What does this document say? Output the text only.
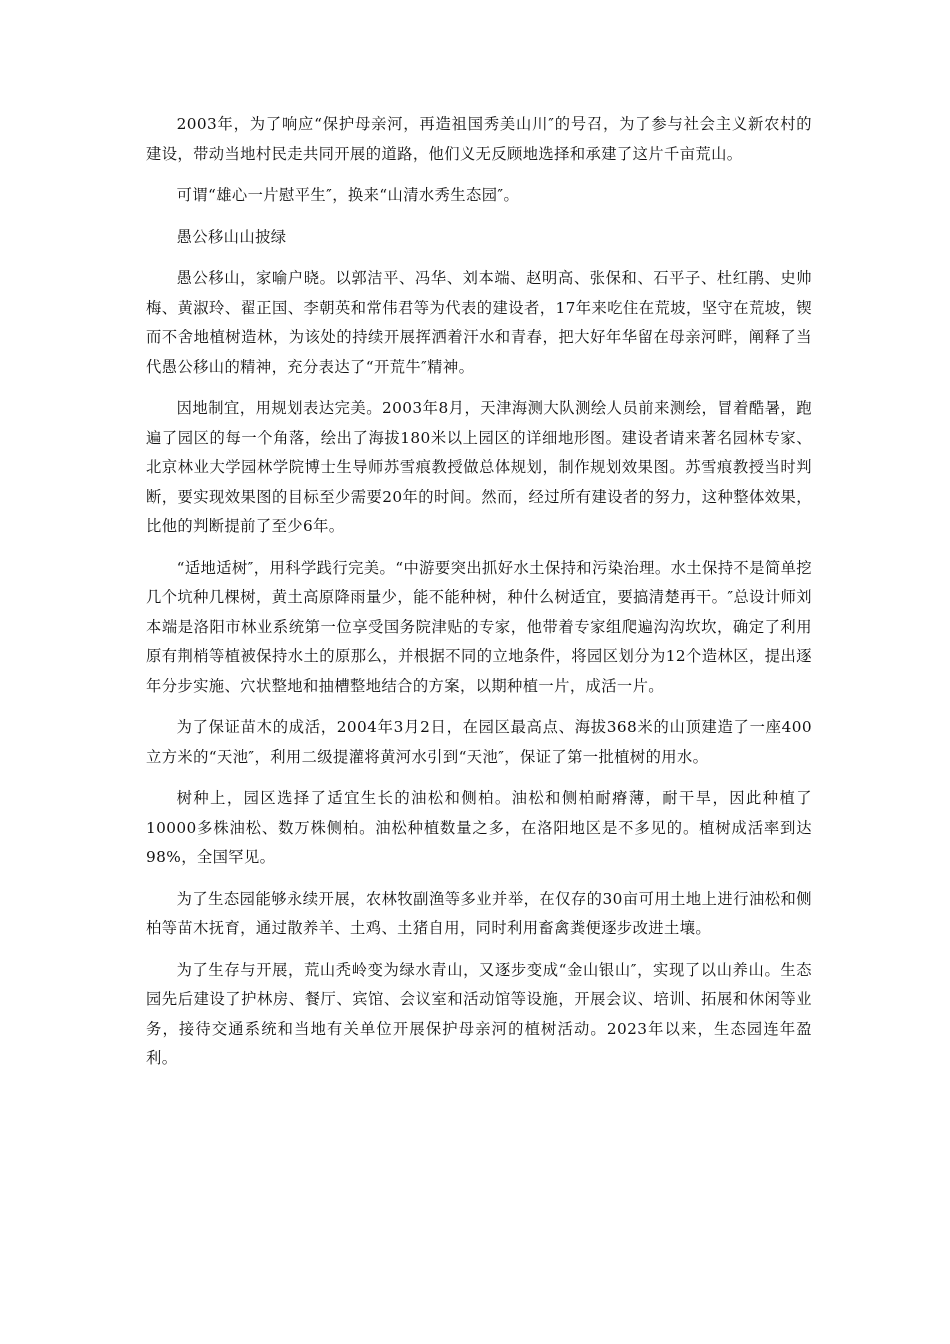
2003年，为了响应“保护母亲河，再造祖国秀美山川″的号召，为了参与社会主义新农村的建设，带动当地村民走共同开展的道路，他们义无反顾地选择和承建了这片千亩荒山。

可谓“雄心一片慰平生″，换来“山清水秀生态园″。

愚公移山山披绿

愚公移山，家喻户晓。以郭洁平、冯华、刘本端、赵明高、张保和、石平子、杜红鹃、史帅梅、黄淑玲、翟正国、李朝英和常伟君等为代表的建设者，17年来吃住在荒坡，坚守在荒坡，锲而不舍地植树造林，为该处的持续开展挥洒着汗水和青春，把大好年华留在母亲河畔，阐释了当代愚公移山的精神，充分表达了“开荒牛″精神。

因地制宜，用规划表达完美。2003年8月，天津海测大队测绘人员前来测绘，冒着酷暑，跑遍了园区的每一个角落，绘出了海拔180米以上园区的详细地形图。建设者请来著名园林专家、北京林业大学园林学院博士生导师苏雪痕教授做总体规划，制作规划效果图。苏雪痕教授当时判断，要实现效果图的目标至少需要20年的时间。然而，经过所有建设者的努力，这种整体效果，比他的判断提前了至少6年。

“适地适树″，用科学践行完美。“中游要突出抓好水土保持和污染治理。水土保持不是简单挖几个坑种几棵树，黄土高原降雨量少，能不能种树，种什么树适宜，要搞清楚再干。″总设计师刘本端是洛阳市林业系统第一位享受国务院津贴的专家，他带着专家组爬遍沟沟坎坎，确定了利用原有荆梢等植被保持水土的原那么，并根据不同的立地条件，将园区划分为12个造林区，提出逐年分步实施、穴状整地和抽槽整地结合的方案，以期种植一片，成活一片。

为了保证苗木的成活，2004年3月2日，在园区最高点、海拔368米的山顶建造了一座400立方米的“天池″，利用二级提灌将黄河水引到“天池″，保证了第一批植树的用水。

树种上，园区选择了适宜生长的油松和侧柏。油松和侧柏耐瘠薄，耐干旱，因此种植了10000多株油松、数万株侧柏。油松种植数量之多，在洛阳地区是不多见的。植树成活率到达98%，全国罕见。

为了生态园能够永续开展，农林牧副渔等多业并举，在仅存的30亩可用土地上进行油松和侧柏等苗木抚育，通过散养羊、土鸡、土猪自用，同时利用畜禽粪便逐步改进土壤。

为了生存与开展，荒山秃岭变为绿水青山，又逐步变成“金山银山″，实现了以山养山。生态园先后建设了护林房、餐厅、宾馆、会议室和活动馆等设施，开展会议、培训、拓展和休闲等业务，接待交通系统和当地有关单位开展保护母亲河的植树活动。2023年以来，生态园连年盈利。
